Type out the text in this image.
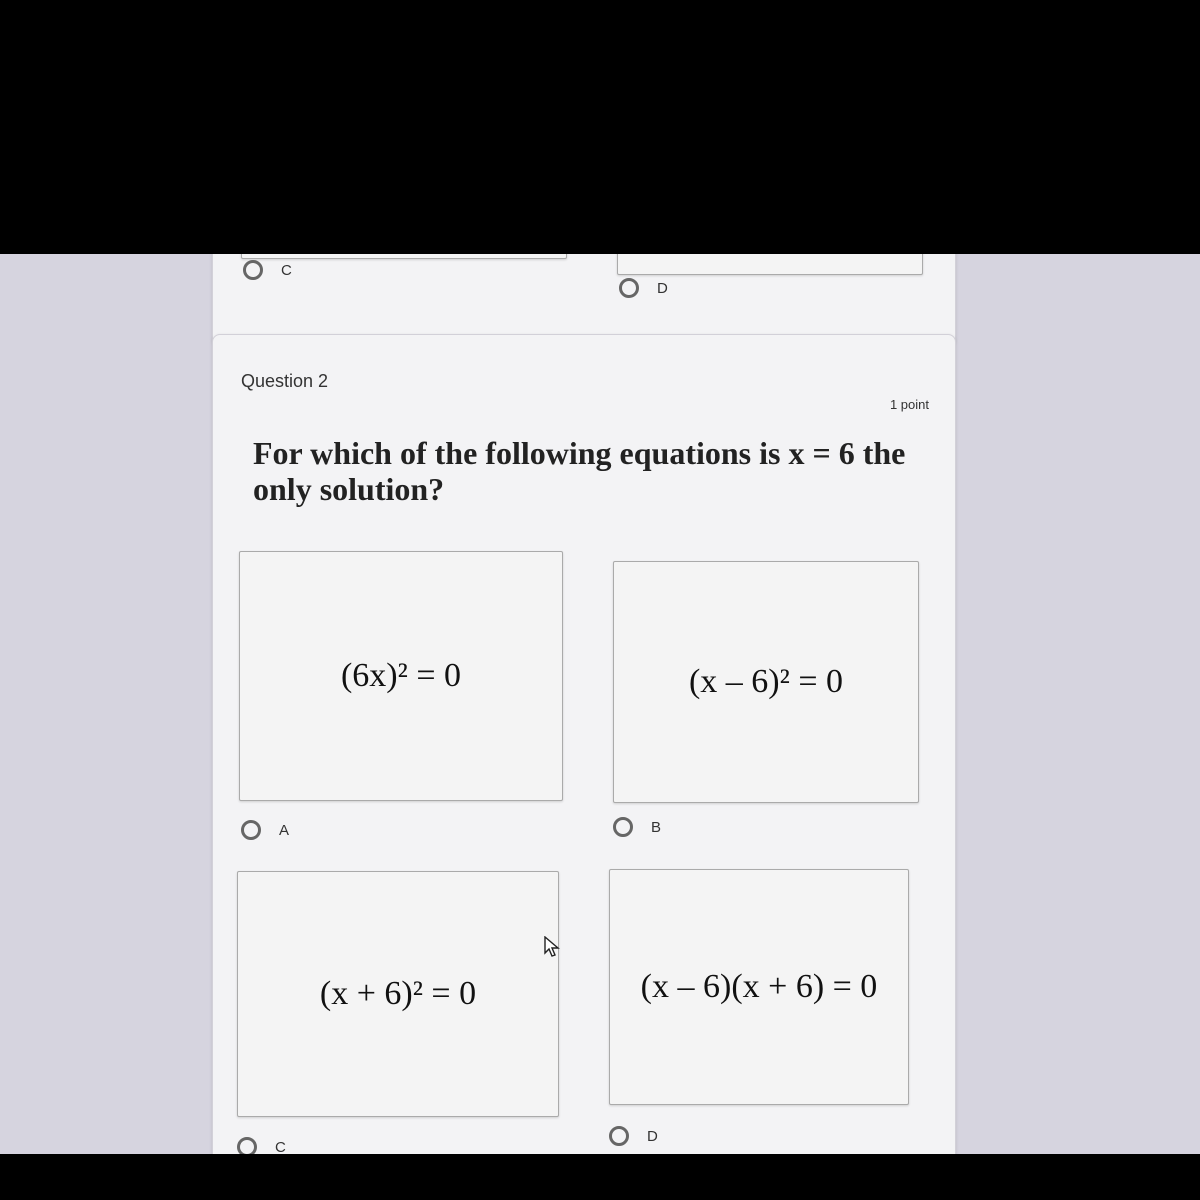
C
D
Question 2
1 point
For which of the following equations is x = 6 the only solution?
(6x)² = 0
A
(x – 6)² = 0
B
(x + 6)² = 0
C
(x – 6)(x + 6) = 0
D
